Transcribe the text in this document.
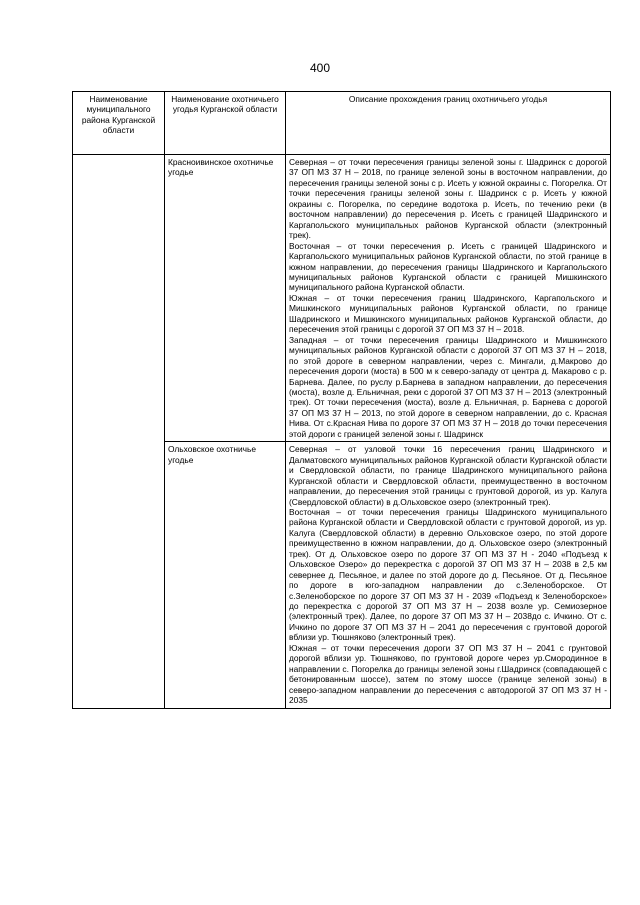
400
Наименование муниципального района Курганской области	Наименование охотничьего угодья Курганской области	Описание прохождения границ охотничьего угодья
	Красноивинское охотничье угодье	Северная – от точки пересечения границы зеленой зоны г. Шадринск с дорогой 37 ОП МЗ 37 Н – 2018, по границе зеленой зоны в восточном направлении, до пересечения границы зеленой зоны с р. Исеть у южной окраины с. Погорелка. От точки пересечения границы зеленой зоны г. Шадринск с р. Исеть у южной окраины с. Погорелка, по середине водотока р. Исеть, по течению реки (в восточном направлении) до пересечения р. Исеть с границей Шадринского и Каргапольского муниципальных районов Курганской области (электронный трек).

Восточная – от точки пересечения р. Исеть с границей Шадринского и Каргапольского муниципальных районов Курганской области, по этой границе в южном направлении, до пересечения границы Шадринского и Каргапольского муниципальных районов Курганской области с границей Мишкинского муниципального района Курганской области.

Южная – от точки пересечения границ Шадринского, Каргапольского и Мишкинского муниципальных районов Курганской области, по границе Шадринского и Мишкинского муниципальных районов Курганской области, до пересечения этой границы с дорогой 37 ОП МЗ 37 Н – 2018.

Западная – от точки пересечения границы Шадринского и Мишкинского муниципальных районов Курганской области с дорогой 37 ОП МЗ 37 Н – 2018, по этой дороге в северном направлении, через с. Мингали, д.Макрово до пересечения дороги (моста) в 500 м к северо-западу от центра д. Макарово с р. Барнева. Далее, по руслу р.Барнева в западном направлении, до пересечения (моста), возле д. Ельничная, реки с дорогой 37 ОП МЗ 37 Н – 2013 (электронный трек). От точки пересечения (моста), возле д. Ельничная, р. Барнева с дорогой 37 ОП МЗ 37 Н – 2013, по этой дороге в северном направлении, до с. Красная Нива. От с.Красная Нива по дороге 37 ОП МЗ 37 Н – 2018 до точки пересечения этой дороги с границей зеленой зоны г. Шадринск

	Ольховское охотничье угодье	Северная – от узловой точки 16 пересечения границ Шадринского и Далматовского муниципальных районов Курганской области Курганской области и Свердловской области, по границе Шадринского муниципального района Курганской области и Свердловской области, преимущественно в восточном направлении, до пересечения этой границы с грунтовой дорогой, из ур. Калуга (Свердловской области) в д.Ольховское озеро (электронный трек).

Восточная – от точки пересечения границы Шадринского муниципального района Курганской области и Свердловской области с грунтовой дорогой, из ур. Калуга (Свердловской области) в деревню Ольховское озеро, по этой дороге преимущественно в южном направлении, до д. Ольховское озеро (электронный трек). От д. Ольховское озеро по дороге 37 ОП МЗ 37 Н - 2040 «Подъезд к Ольховское Озеро» до перекрестка с дорогой 37 ОП МЗ 37 Н – 2038 в 2,5 км севернее д. Песьяное, и далее по этой дороге до д. Песьяное. От д. Песьяное по дороге в юго-западном направлении до с.Зеленоборское. От с.Зеленоборское по дороге 37 ОП МЗ 37 Н - 2039 «Подъезд к Зеленоборское» до перекрестка с дорогой 37 ОП МЗ 37 Н – 2038 возле ур. Семиозерное (электронный трек). Далее, по дороге 37 ОП МЗ 37 Н – 2038до с. Ичкино. От с. Ичкино по дороге 37 ОП МЗ 37 Н – 2041 до пересечения с грунтовой дорогой вблизи ур. Тюшняково (электронный трек).

Южная – от точки пересечения дороги 37 ОП МЗ 37 Н – 2041 с грунтовой дорогой вблизи ур. Тюшняково, по грунтовой дороге через ур.Смородинное в направлении с. Погорелка до границы зеленой зоны г.Шадринск (совпадающей с бетонированным шоссе), затем по этому шоссе (границе зеленой зоны) в северо-западном направлении до пересечения с автодорогой 37 ОП МЗ 37 Н - 2035
